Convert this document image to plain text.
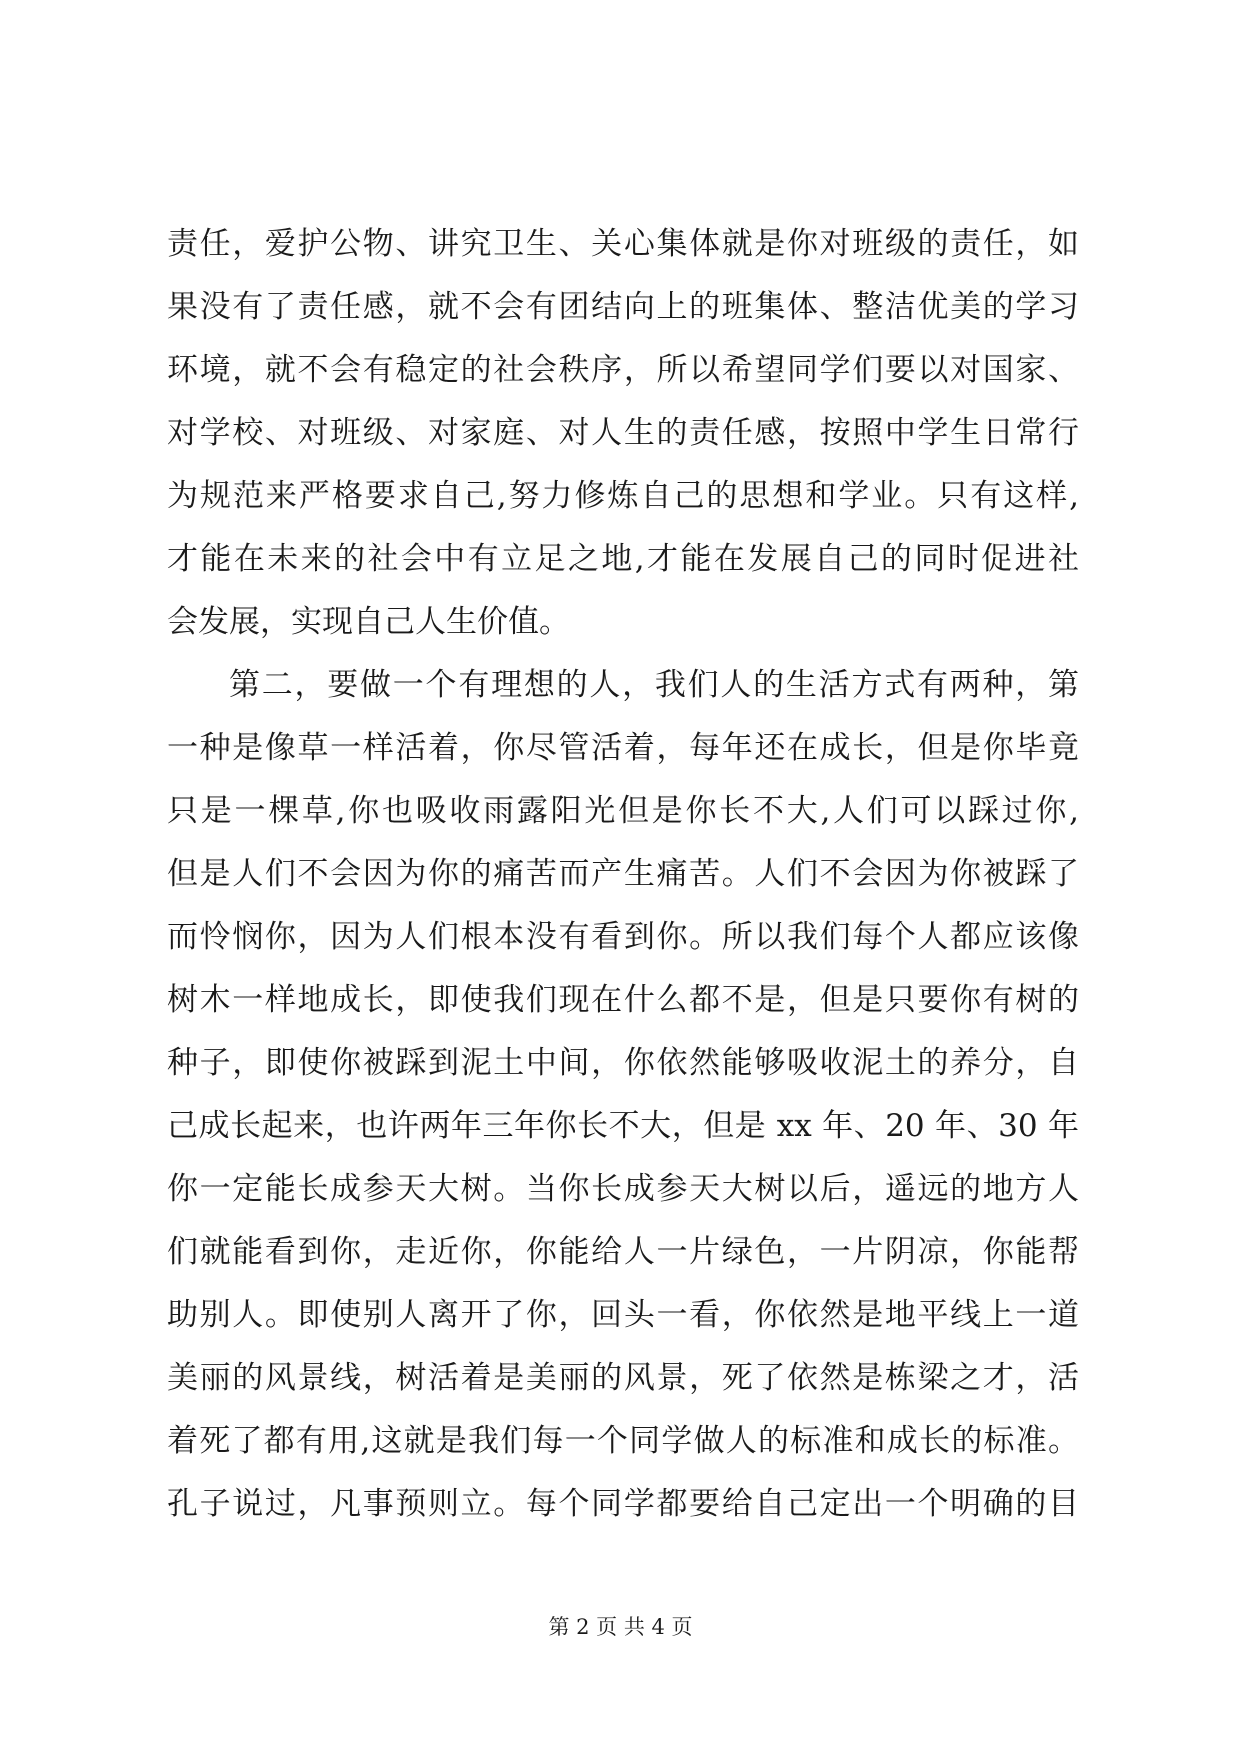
责任，爱护公物、讲究卫生、关心集体就是你对班级的责任，如
果没有了责任感，就不会有团结向上的班集体、整洁优美的学习
环境，就不会有稳定的社会秩序，所以希望同学们要以对国家、
对学校、对班级、对家庭、对人生的责任感，按照中学生日常行
为规范来严格要求自己,努力修炼自己的思想和学业。只有这样,
才能在未来的社会中有立足之地,才能在发展自己的同时促进社
会发展，实现自己人生价值。
第二，要做一个有理想的人，我们人的生活方式有两种，第
一种是像草一样活着，你尽管活着，每年还在成长，但是你毕竟
只是一棵草,你也吸收雨露阳光但是你长不大,人们可以踩过你,
但是人们不会因为你的痛苦而产生痛苦。人们不会因为你被踩了
而怜悯你，因为人们根本没有看到你。所以我们每个人都应该像
树木一样地成长，即使我们现在什么都不是，但是只要你有树的
种子，即使你被踩到泥土中间，你依然能够吸收泥土的养分，自
己成长起来，也许两年三年你长不大，但是 xx 年、20 年、30 年
你一定能长成参天大树。当你长成参天大树以后，遥远的地方人
们就能看到你，走近你，你能给人一片绿色，一片阴凉，你能帮
助别人。即使别人离开了你，回头一看，你依然是地平线上一道
美丽的风景线，树活着是美丽的风景，死了依然是栋梁之才，活
着死了都有用,这就是我们每一个同学做人的标准和成长的标准。
孔子说过，凡事预则立。每个同学都要给自己定出一个明确的目
第 2 页 共 4 页
